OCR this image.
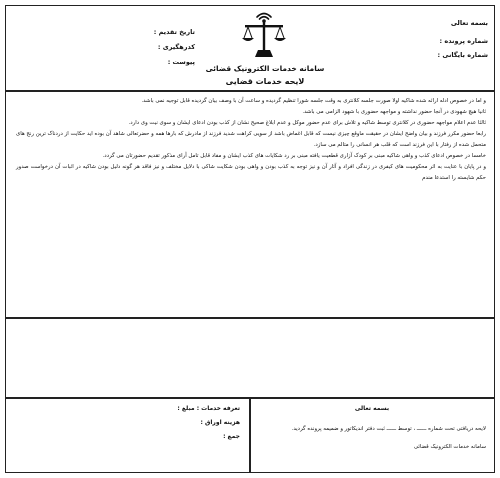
بسمه تعالی
شماره پرونده :
شماره بایگانی :
تاریخ تقدیم :
کدرهگیری :
پیوست :
سامانه خدمات الکترونیک قضائی
لایحه خدمات قضایی

و اما در خصوص ادله ارائه شده شاکیه اولا صورت جلسه کلانتری به وقت جلسه شورا تنظیم گردیده و ساعت آن با وصف بیان گردیده قابل توجیه نمی باشد.

ثانیا هیچ شهودی در آنجا حضور نداشته و مواجهه حضوری با شهود الزامی می باشد.

ثالثا عدم اعلام مواجهه حضوری در کلانتری توسط شاکیه و تلاش برای عدم حضور موکل و عدم ابلاغ صحیح نشان از کذب بودن ادعای ایشان و سوی نیت وی دارد.

رابعا حضور مکرر فرزند و بیان واضح ایشان در حقیقت ماوقع چیزی نیست که قابل اغماض باشد از سویی کراهت شدید فرزند از مادرش که بارها همه و حضرتعالی شاهد آن بوده اید حکایت از دردناک ترین رنج های متحمل شده از رفتار با این فرزند است که قلب هر انسانی را متالم می سازد.

خامسا در خصوص ادعای کذب و واهی شاکیه مبنی بر کودک آزاری قطعیت یافته مبنی بر رد شکایات های کذب ایشان و مفاد قابل تامل آرای مذکور تقدیم حضورتان می گردد.

و در پایان با عنایت به اثر محکومیت های کیفری در زندگی افراد و آثار آن و نیز توجه به کذب بودن و واهی بودن شکایت شاکی با دلایل مختلف و نیز فاقد هر گونه دلیل بودن شاکیه در اثبات آن درخواست صدور حکم شایسته را استدعا مندم

بسمه تعالی
لایحه دریافتی تحت شماره ــــــ ، توسط ــــــ ثبت دفتر اندیکاتور و ضمیمه پرونده گردید.
سامانه خدمات الکترونیک قضائی
تعرفه خدمات : مبلغ :
هزینه اوراق :
جمع :
